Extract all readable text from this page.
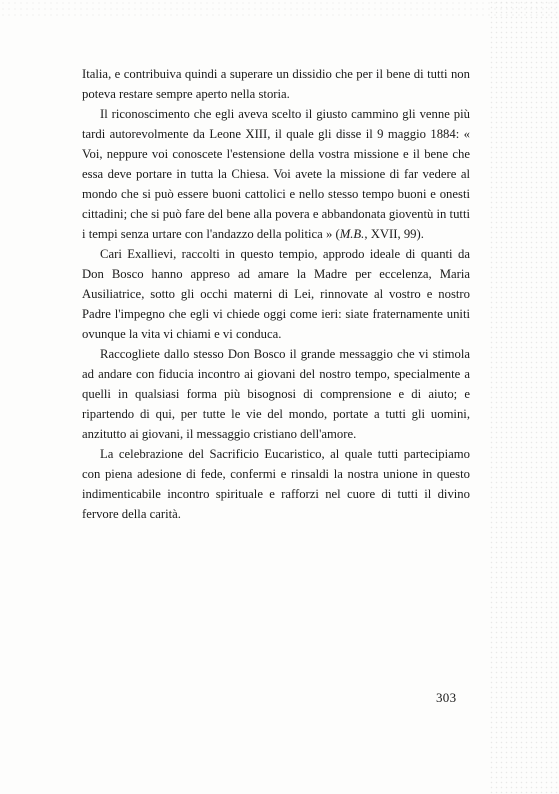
Italia, e contribuiva quindi a superare un dissidio che per il bene di tutti non poteva restare sempre aperto nella storia.

Il riconoscimento che egli aveva scelto il giusto cammino gli venne più tardi autorevolmente da Leone XIII, il quale gli disse il 9 maggio 1884: « Voi, neppure voi conoscete l'estensione della vostra missione e il bene che essa deve portare in tutta la Chiesa. Voi avete la missione di far vedere al mondo che si può essere buoni cattolici e nello stesso tempo buoni e onesti cittadini; che si può fare del bene alla povera e abbandonata gioventù in tutti i tempi senza urtare con l'andazzo della politica » (M.B., XVII, 99).

Cari Exallievi, raccolti in questo tempio, approdo ideale di quanti da Don Bosco hanno appreso ad amare la Madre per eccelenza, Maria Ausiliatrice, sotto gli occhi materni di Lei, rinnovate al vostro e nostro Padre l'impegno che egli vi chiede oggi come ieri: siate fraternamente uniti ovunque la vita vi chiami e vi conduca.

Raccogliete dallo stesso Don Bosco il grande messaggio che vi stimola ad andare con fiducia incontro ai giovani del nostro tempo, specialmente a quelli in qualsiasi forma più bisognosi di comprensione e di aiuto; e ripartendo di qui, per tutte le vie del mondo, portate a tutti gli uomini, anzitutto ai giovani, il messaggio cristiano dell'amore.

La celebrazione del Sacrificio Eucaristico, al quale tutti partecipiamo con piena adesione di fede, confermi e rinsaldi la nostra unione in questo indimenticabile incontro spirituale e rafforzi nel cuore di tutti il divino fervore della carità.

303
